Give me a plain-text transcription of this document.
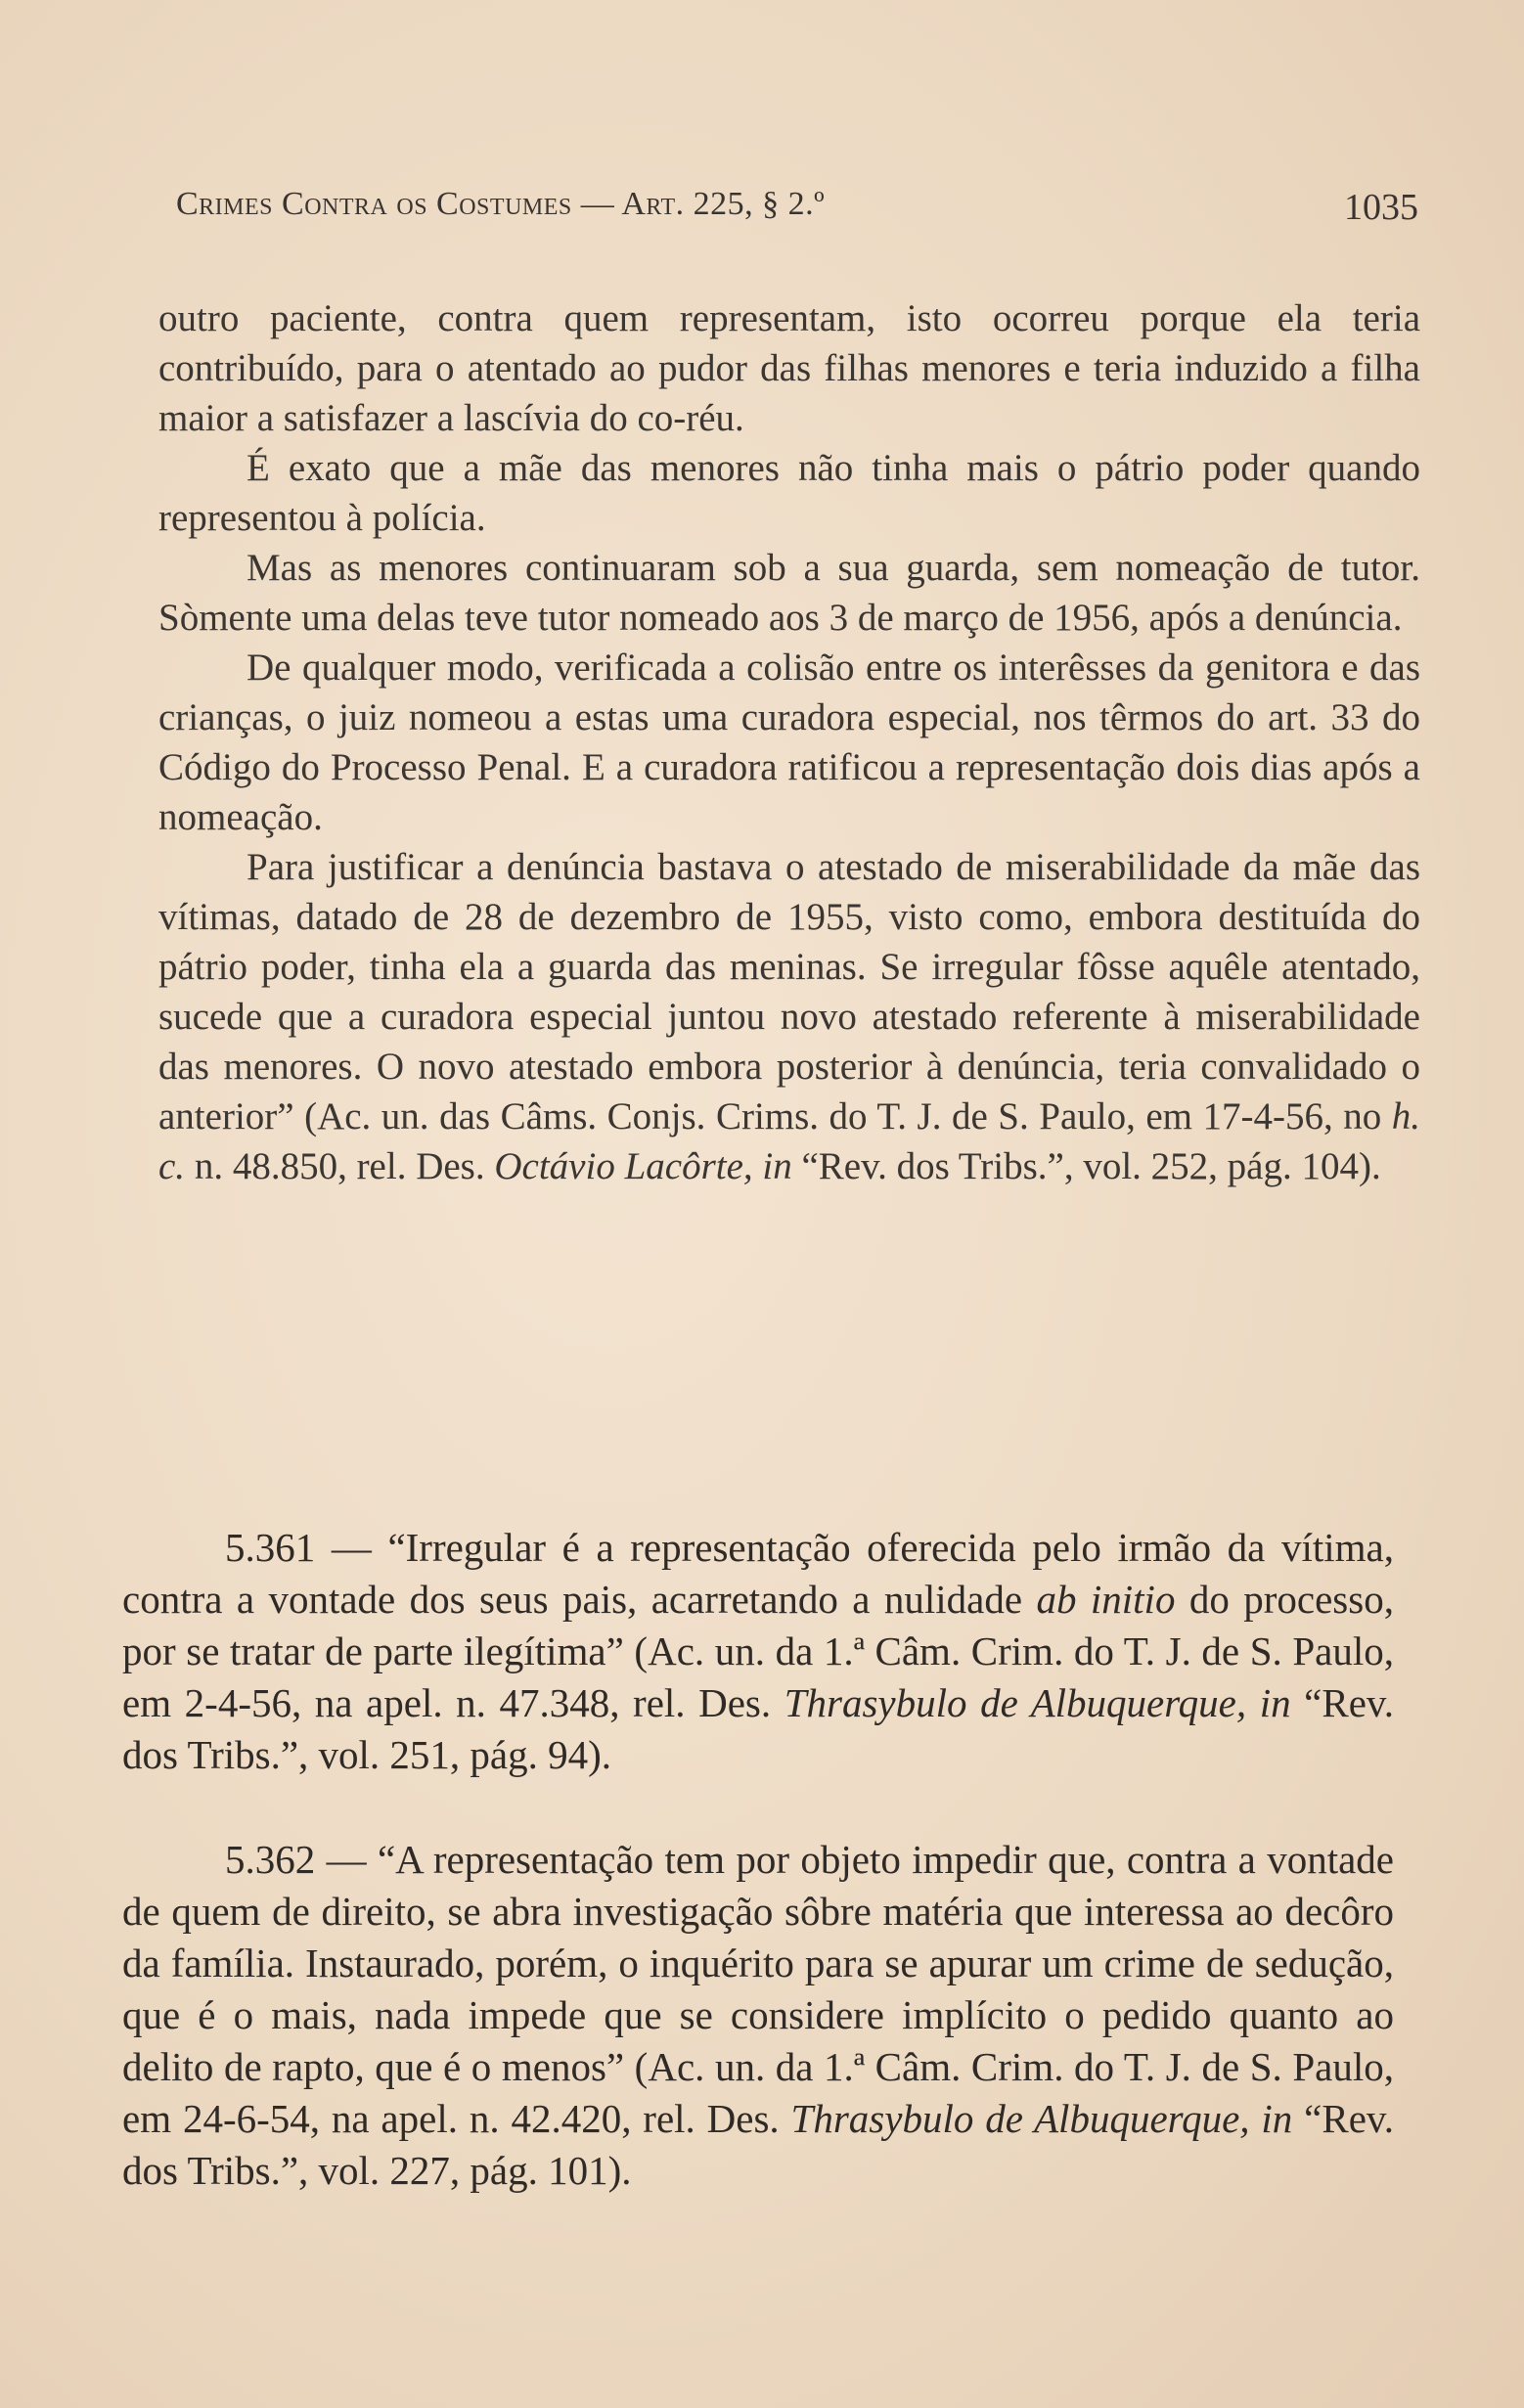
Crimes Contra os Costumes — Art. 225, § 2.º	1035

outro paciente, contra quem representam, isto ocorreu porque ela teria contribuído, para o atentado ao pudor das filhas menores e teria induzido a filha maior a satisfazer a lascívia do co-réu.

É exato que a mãe das menores não tinha mais o pátrio poder quando representou à polícia.

Mas as menores continuaram sob a sua guarda, sem nomeação de tutor. Sòmente uma delas teve tutor nomeado aos 3 de março de 1956, após a denúncia.

De qualquer modo, verificada a colisão entre os interêsses da genitora e das crianças, o juiz nomeou a estas uma curadora especial, nos têrmos do art. 33 do Código do Processo Penal. E a curadora ratificou a representação dois dias após a nomeação.

Para justificar a denúncia bastava o atestado de miserabilidade da mãe das vítimas, datado de 28 de dezembro de 1955, visto como, embora destituída do pátrio poder, tinha ela a guarda das meninas. Se irregular fôsse aquêle atentado, sucede que a curadora especial juntou novo atestado referente à miserabilidade das menores. O novo atestado embora posterior à denúncia, teria convalidado o anterior” (Ac. un. das Câms. Conjs. Crims. do T. J. de S. Paulo, em 17-4-56, no h. c. n. 48.850, rel. Des. Octávio Lacôrte, in “Rev. dos Tribs.”, vol. 252, pág. 104).

5.361 — “Irregular é a representação oferecida pelo irmão da vítima, contra a vontade dos seus pais, acarretando a nulidade ab initio do processo, por se tratar de parte ilegítima” (Ac. un. da 1.ª Câm. Crim. do T. J. de S. Paulo, em 2-4-56, na apel. n. 47.348, rel. Des. Thrasybulo de Albuquerque, in “Rev. dos Tribs.”, vol. 251, pág. 94).

5.362 — “A representação tem por objeto impedir que, contra a vontade de quem de direito, se abra investigação sôbre matéria que interessa ao decôro da família. Instaurado, porém, o inquérito para se apurar um crime de sedução, que é o mais, nada impede que se considere implícito o pedido quanto ao delito de rapto, que é o menos” (Ac. un. da 1.ª Câm. Crim. do T. J. de S. Paulo, em 24-6-54, na apel. n. 42.420, rel. Des. Thrasybulo de Albuquerque, in “Rev. dos Tribs.”, vol. 227, pág. 101).
